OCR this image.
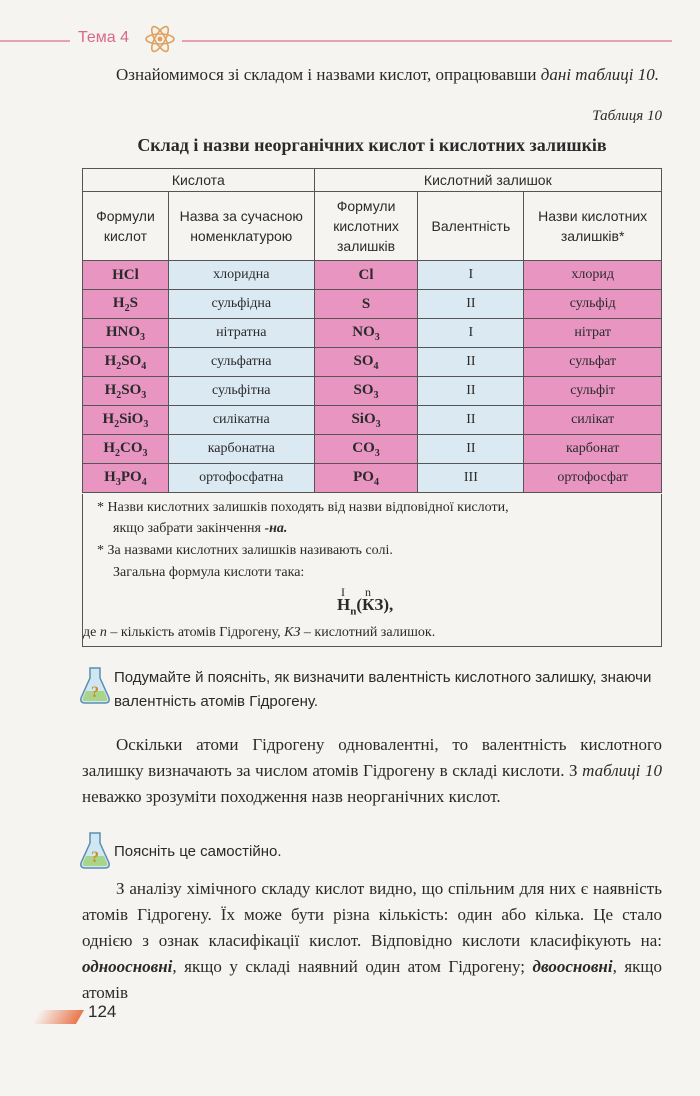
Тема 4
Ознайомимося зі складом і назвами кислот, опрацювавши дані таблиці 10.
Таблиця 10
Склад і назви неорганічних кислот і кислотних залишків
Кислота		Кислотний залишок		
Формули кислот	Назва за сучасною номенклатурою	Формули кислотних залишків	Валентність	Назви кислотних залишків*
HCl	хлоридна	Cl	I	хлорид
$H_2S$	сульфідна	S	II	сульфід
$HNO_3$	нітратна	$NO_3$	I	нітрат
$H_2SO_4$	сульфатна	$SO_4$	II	сульфат
$H_2SO_3$	сульфітна	$SO_3$	II	сульфіт
$H_2SiO_3$	силікатна	SiO$_3$	II	силікат
$H_2CO_3$	карбонатна	$CO_3$	II	карбонат
$H_3PO_4$	ортофосфатна	$PO_4$	III	ортофосфат
* Назви кислотних залишків походять від назви відповідної кислоти,
якщо забрати закінчення -на.
* За назвами кислотних залишків називають солі.
Загальна формула кислоти така:
I n
$H_n(КЗ)$,
де n – кількість атомів Гідрогену, КЗ – кислотний залишок.
?
Подумайте й поясніть, як визначити валентність кислотного залишку, знаючи валентність атомів Гідрогену.
Оскільки атоми Гідрогену одновалентні, то валентність кислотного залишку визначають за числом атомів Гідрогену в складі кислоти. З таблиці 10 неважко зрозуміти походження назв неорганічних кислот.
? Поясніть це самостійно.
З аналізу хімічного складу кислот видно, що спільним для них є наявність атомів Гідрогену. Їх може бути різна кількість: один або кілька. Це стало однією з ознак класифікації кислот. Відповідно кислоти класифікують на: одноосновні, якщо у складі наявний один атом Гідрогену; двоосновні, якщо атомів
124
